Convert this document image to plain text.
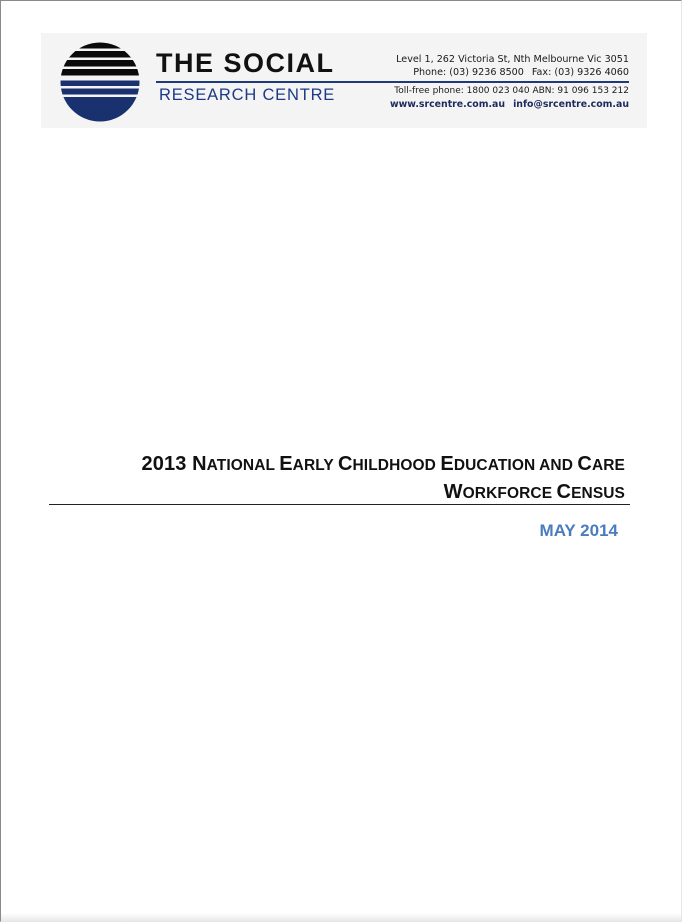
THE SOCIAL
RESEARCH CENTRE
Level 1, 262 Victoria St, Nth Melbourne Vic 3051
Phone: (03) 9236 8500 Fax: (03) 9326 4060
Toll-free phone: 1800 023 040 ABN: 91 096 153 212
www.srcentre.com.au info@srcentre.com.au
2013 NATIONAL EARLY CHILDHOOD EDUCATION AND CARE
WORKFORCE CENSUS
MAY 2014
